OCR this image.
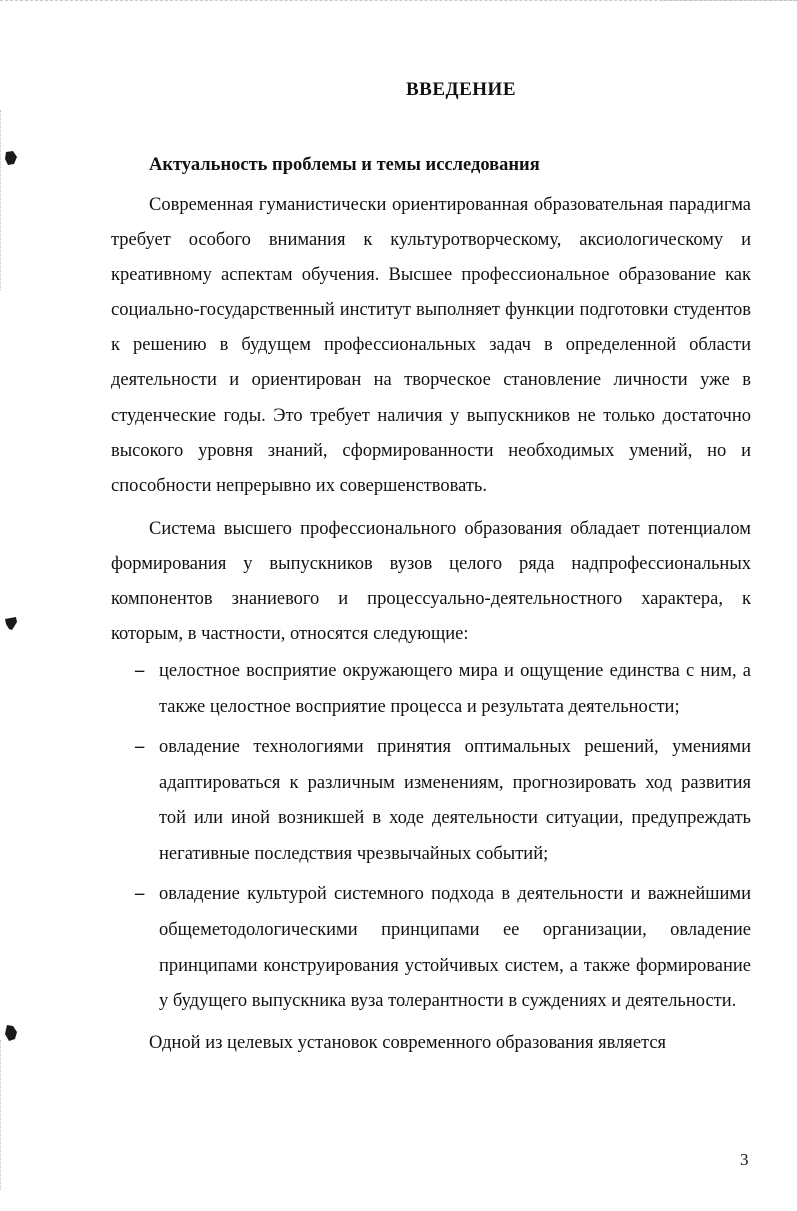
ВВЕДЕНИЕ
Актуальность проблемы и темы исследования

Современная гуманистически ориентированная образовательная парадигма требует особого внимания к культуротворческому, аксиологическому и креативному аспектам обучения. Высшее профессиональное образование как социально-государственный институт выполняет функции подготовки студентов к решению в будущем профессиональных задач в определенной области деятельности и ориентирован на творческое становление личности уже в студенческие годы. Это требует наличия у выпускников не только достаточно высокого уровня знаний, сформированности необходимых умений, но и способности непрерывно их совершенствовать.

Система высшего профессионального образования обладает потенциалом формирования у выпускников вузов целого ряда надпрофессиональных компонентов знаниевого и процессуально-деятельностного характера, к которым, в частности, относятся следующие:

– целостное восприятие окружающего мира и ощущение единства с ним, а также целостное восприятие процесса и результата деятельности;
– овладение технологиями принятия оптимальных решений, умениями адаптироваться к различным изменениям, прогнозировать ход развития той или иной возникшей в ходе деятельности ситуации, предупреждать негативные последствия чрезвычайных событий;
– овладение культурой системного подхода в деятельности и важнейшими общеметодологическими принципами ее организации, овладение принципами конструирования устойчивых систем, а также формирование у будущего выпускника вуза толерантности в суждениях и деятельности.

Одной из целевых установок современного образования является

3
